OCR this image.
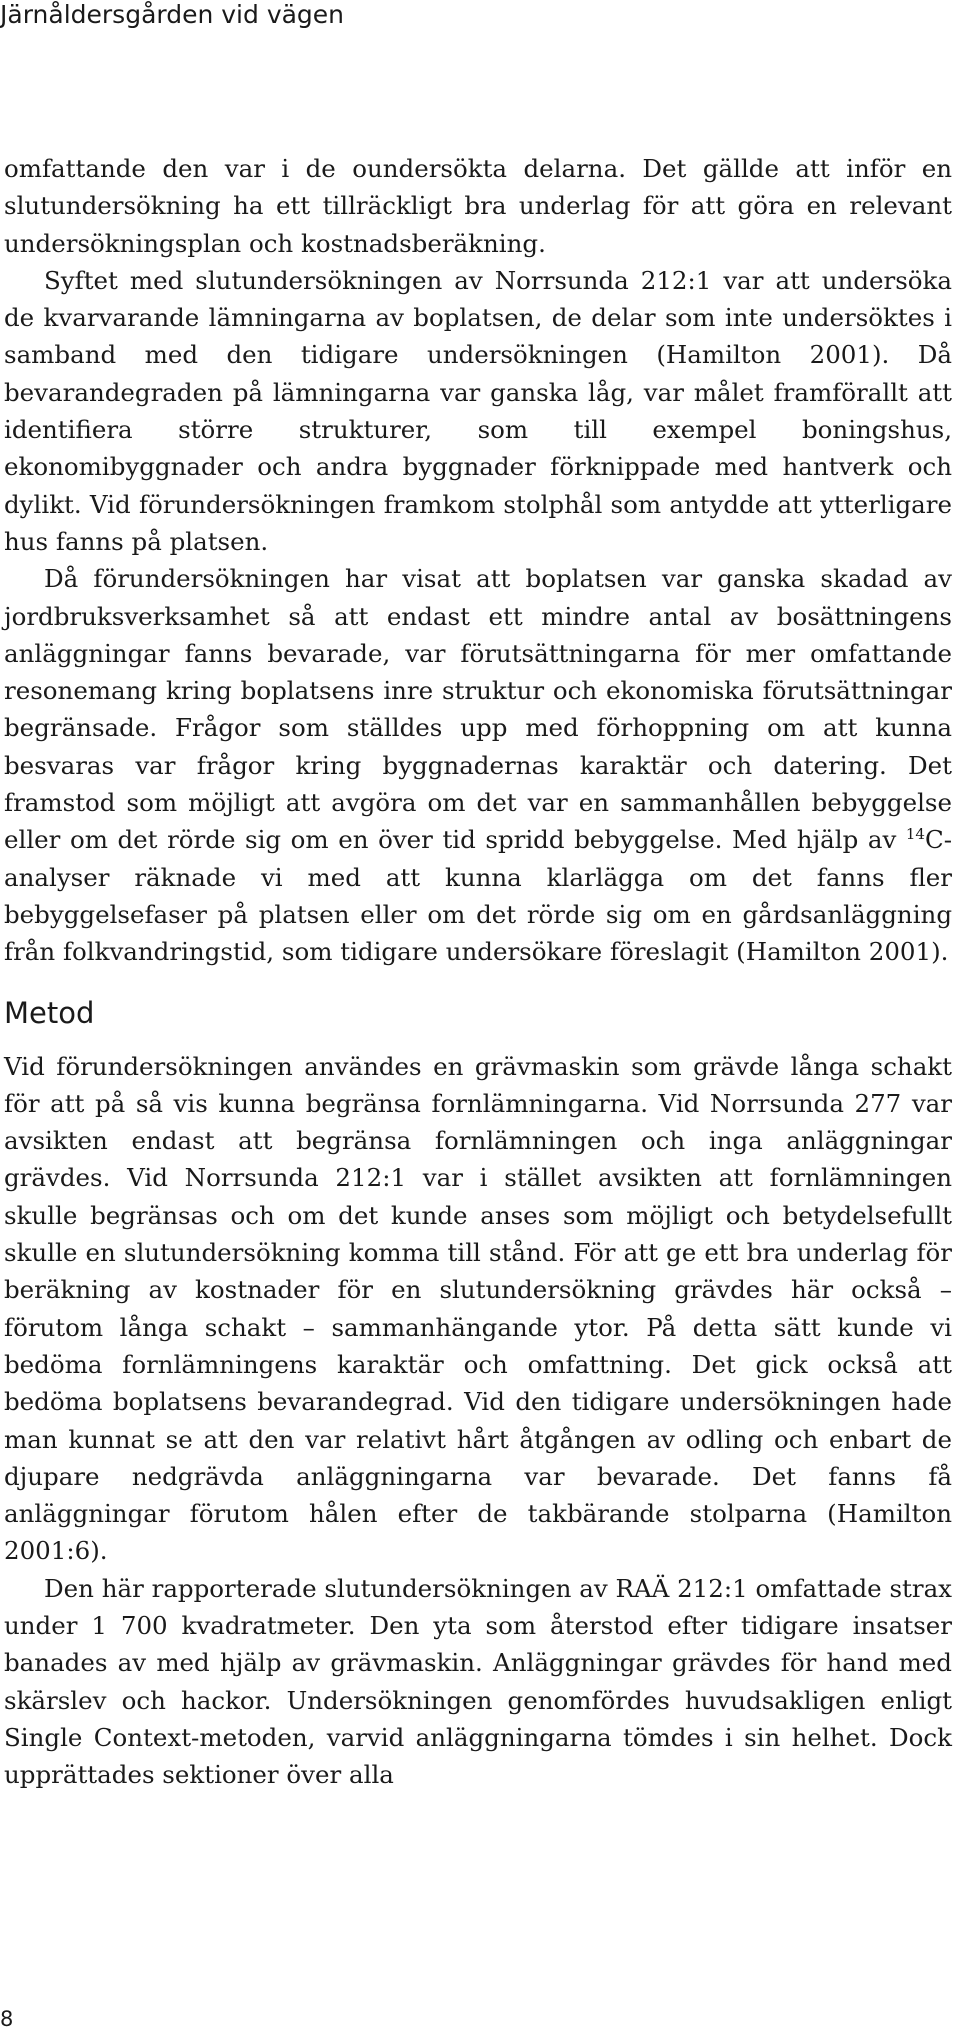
Järnåldersgården vid vägen

omfattande den var i de oundersökta delarna. Det gällde att inför en slutundersökning ha ett tillräckligt bra underlag för att göra en relevant undersökningsplan och kostnadsberäkning.

Syftet med slutundersökningen av Norrsunda 212:1 var att undersöka de kvarvarande lämningarna av boplatsen, de delar som inte undersöktes i samband med den tidigare undersökningen (Hamilton 2001). Då bevarandegraden på lämningarna var ganska låg, var målet framförallt att identifiera större strukturer, som till exempel boningshus, ekonomibyggnader och andra byggnader förknippade med hantverk och dylikt. Vid förundersökningen framkom stolphål som antydde att ytterligare hus fanns på platsen.

Då förundersökningen har visat att boplatsen var ganska skadad av jordbruksverksamhet så att endast ett mindre antal av bosättningens anläggningar fanns bevarade, var förutsättningarna för mer omfattande resonemang kring boplatsens inre struktur och ekonomiska förutsättningar begränsade. Frågor som ställdes upp med förhoppning om att kunna besvaras var frågor kring byggnadernas karaktär och datering. Det framstod som möjligt att avgöra om det var en sammanhållen bebyggelse eller om det rörde sig om en över tid spridd bebyggelse. Med hjälp av $^{14}$C-analyser räknade vi med att kunna klarlägga om det fanns fler bebyggelsefaser på platsen eller om det rörde sig om en gårdsanläggning från folkvandringstid, som tidigare undersökare föreslagit (Hamilton 2001).

Metod

Vid förundersökningen användes en grävmaskin som grävde långa schakt för att på så vis kunna begränsa fornlämningarna. Vid Norrsunda 277 var avsikten endast att begränsa fornlämningen och inga anläggningar grävdes. Vid Norrsunda 212:1 var i stället avsikten att fornlämningen skulle begränsas och om det kunde anses som möjligt och betydelsefullt skulle en slutundersökning komma till stånd. För att ge ett bra underlag för beräkning av kostnader för en slutundersökning grävdes här också – förutom långa schakt – sammanhängande ytor. På detta sätt kunde vi bedöma fornlämningens karaktär och omfattning. Det gick också att bedöma boplatsens bevarandegrad. Vid den tidigare undersökningen hade man kunnat se att den var relativt hårt åtgången av odling och enbart de djupare nedgrävda anläggningarna var bevarade. Det fanns få anläggningar förutom hålen efter de takbärande stolparna (Hamilton 2001:6).

Den här rapporterade slutundersökningen av RAÄ 212:1 omfattade strax under 1 700 kvadratmeter. Den yta som återstod efter tidigare insatser banades av med hjälp av grävmaskin. Anläggningar grävdes för hand med skärslev och hackor. Undersökningen genomfördes huvudsakligen enligt Single Context-metoden, varvid anläggningarna tömdes i sin helhet. Dock upprättades sektioner över alla

8
